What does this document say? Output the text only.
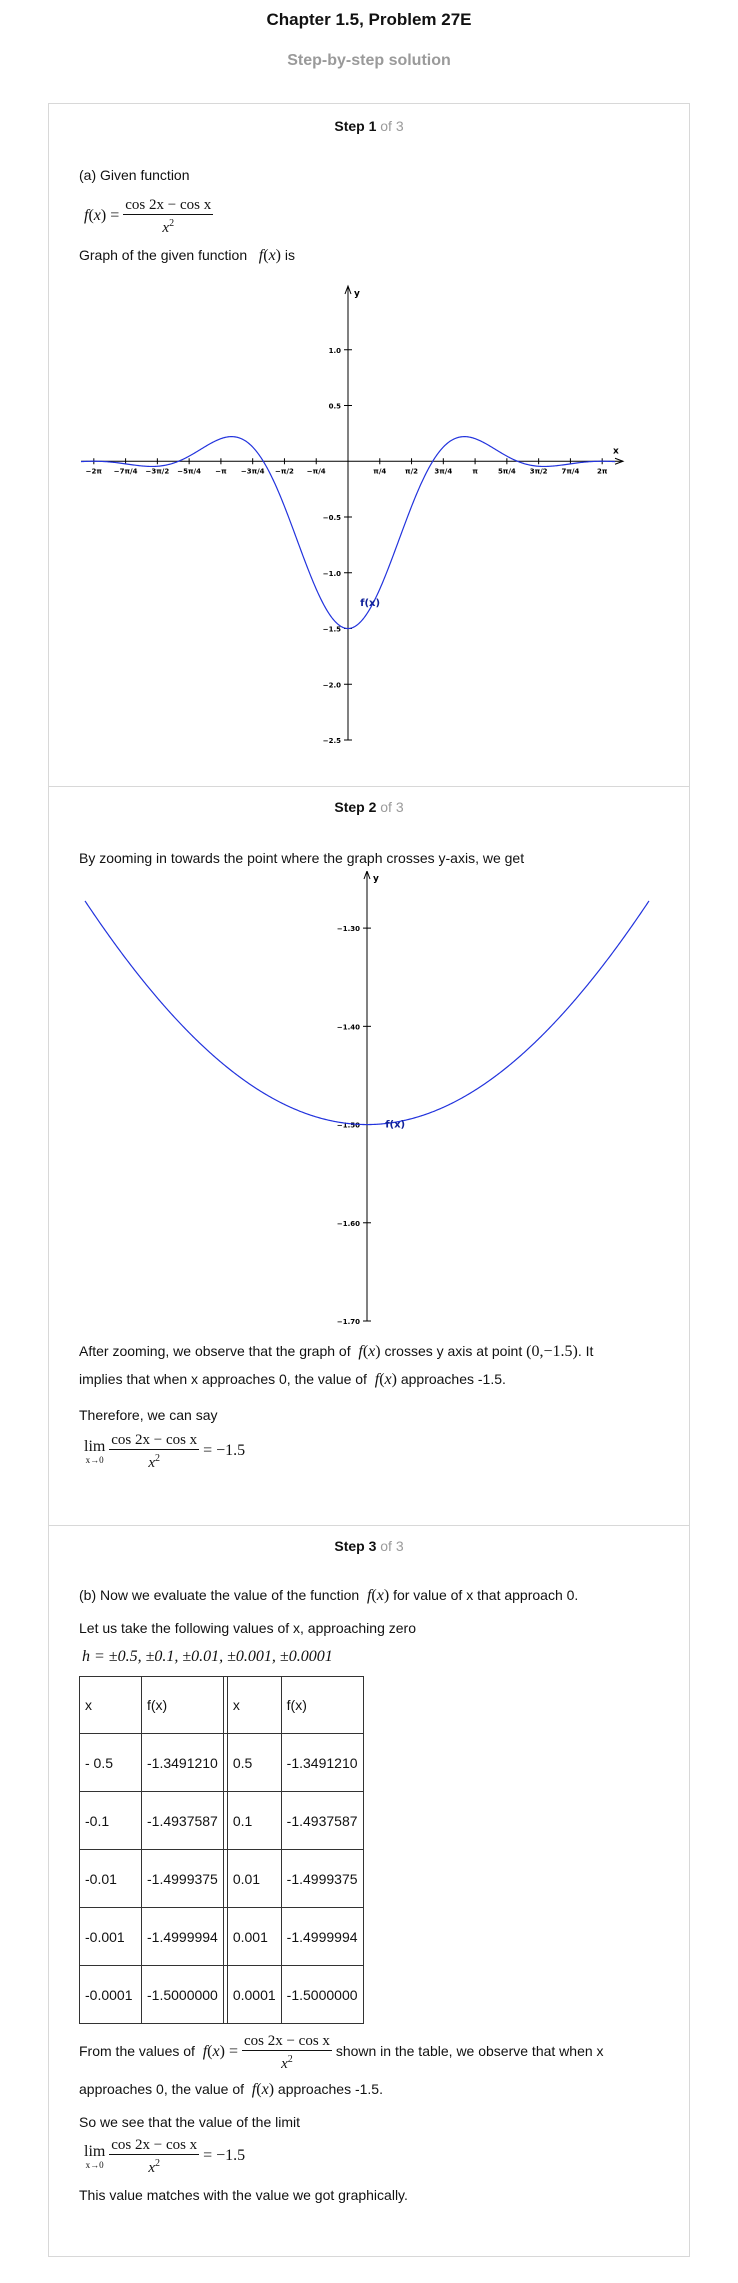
Chapter 1.5, Problem 27E
Step-by-step solution
Step 1 of 3
(a) Given function
$f(x) = \frac{\text{cos 2x − cos x}}{x^2}$
Graph of the given function f(x) is
y
x
−2π −7π/4 −3π/2 −5π/4 −π −3π/4 −π/2 −π/4	π/4	π/2 3π/4	π	5π/4 3π/2 7π/4	2π
1.0
0.5
−0.5
−1.0
−1.5
−2.0
−2.5
f(x)
Step 2 of 3
By zooming in towards the point where the graph crosses y-axis, we get
y
−1.30
−1.40
−1.50
−1.60
−1.70
f(x)
After zooming, we observe that the graph of f(x) crosses y axis at point (0,−1.5). It
implies that when x approaches 0, the value of f(x) approaches -1.5.
Therefore, we can say
lim
x→0
$\frac{\text{cos 2x − cos x}}{x^2} = -1.5$
Step 3 of 3
(b) Now we evaluate the value of the function f(x) for value of x that approach 0.
Let us take the following values of x, approaching zero
h = ±0.5, ±0.1, ±0.01, ±0.001, ±0.0001
x	f(x)		x	f(x)
- 0.5	-1.3491210		0.5	-1.3491210
-0.1	-1.4937587		0.1	-1.4937587
-0.01	-1.4999375		0.01	-1.4999375
-0.001	-1.4999994		0.001	-1.4999994
-0.0001	-1.5000000		0.0001	-1.5000000
From the values of $f(x) = \frac{\text{cos 2x − cos x}}{x^2}$ shown in the table, we observe that when x
approaches 0, the value of f(x) approaches -1.5.
So we see that the value of the limit
lim
x→0
$\frac{\text{cos 2x − cos x}}{x^2} = -1.5$
This value matches with the value we got graphically.
